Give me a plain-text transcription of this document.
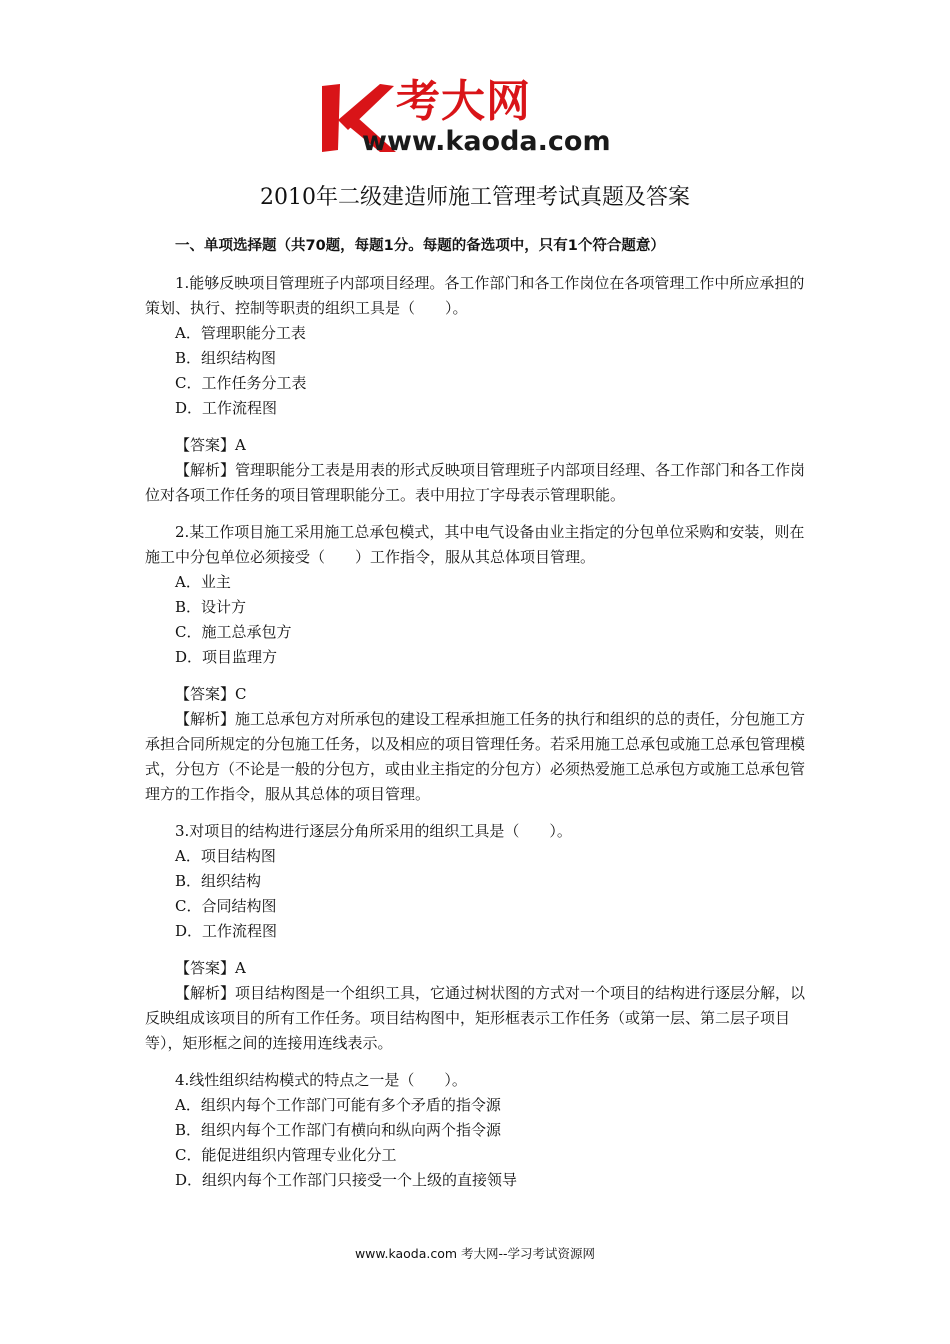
考大网
www.kaoda.com
2010年二级建造师施工管理考试真题及答案
一、单项选择题（共70题，每题1分。每题的备选项中，只有1个符合题意）

1.能够反映项目管理班子内部项目经理。各工作部门和各工作岗位在各项管理工作中所应承担的策划、执行、控制等职责的组织工具是（　　）。

A．管理职能分工表

B．组织结构图

C．工作任务分工表

D．工作流程图

【答案】A

【解析】管理职能分工表是用表的形式反映项目管理班子内部项目经理、各工作部门和各工作岗位对各项工作任务的项目管理职能分工。表中用拉丁字母表示管理职能。

2.某工作项目施工采用施工总承包模式，其中电气设备由业主指定的分包单位采购和安装，则在施工中分包单位必须接受（　　）工作指令，服从其总体项目管理。

A．业主

B．设计方

C．施工总承包方

D．项目监理方

【答案】C

【解析】施工总承包方对所承包的建设工程承担施工任务的执行和组织的总的责任，分包施工方承担合同所规定的分包施工任务，以及相应的项目管理任务。若采用施工总承包或施工总承包管理模式，分包方（不论是一般的分包方，或由业主指定的分包方）必须热爱施工总承包方或施工总承包管理方的工作指令，服从其总体的项目管理。

3.对项目的结构进行逐层分角所采用的组织工具是（　　）。

A．项目结构图

B．组织结构

C．合同结构图

D．工作流程图

【答案】A

【解析】项目结构图是一个组织工具，它通过树状图的方式对一个项目的结构进行逐层分解，以反映组成该项目的所有工作任务。项目结构图中，矩形框表示工作任务（或第一层、第二层子项目等），矩形框之间的连接用连线表示。

4.线性组织结构模式的特点之一是（　　）。

A．组织内每个工作部门可能有多个矛盾的指令源

B．组织内每个工作部门有横向和纵向两个指令源

C．能促进组织内管理专业化分工

D．组织内每个工作部门只接受一个上级的直接领导

www.kaoda.com 考大网--学习考试资源网
